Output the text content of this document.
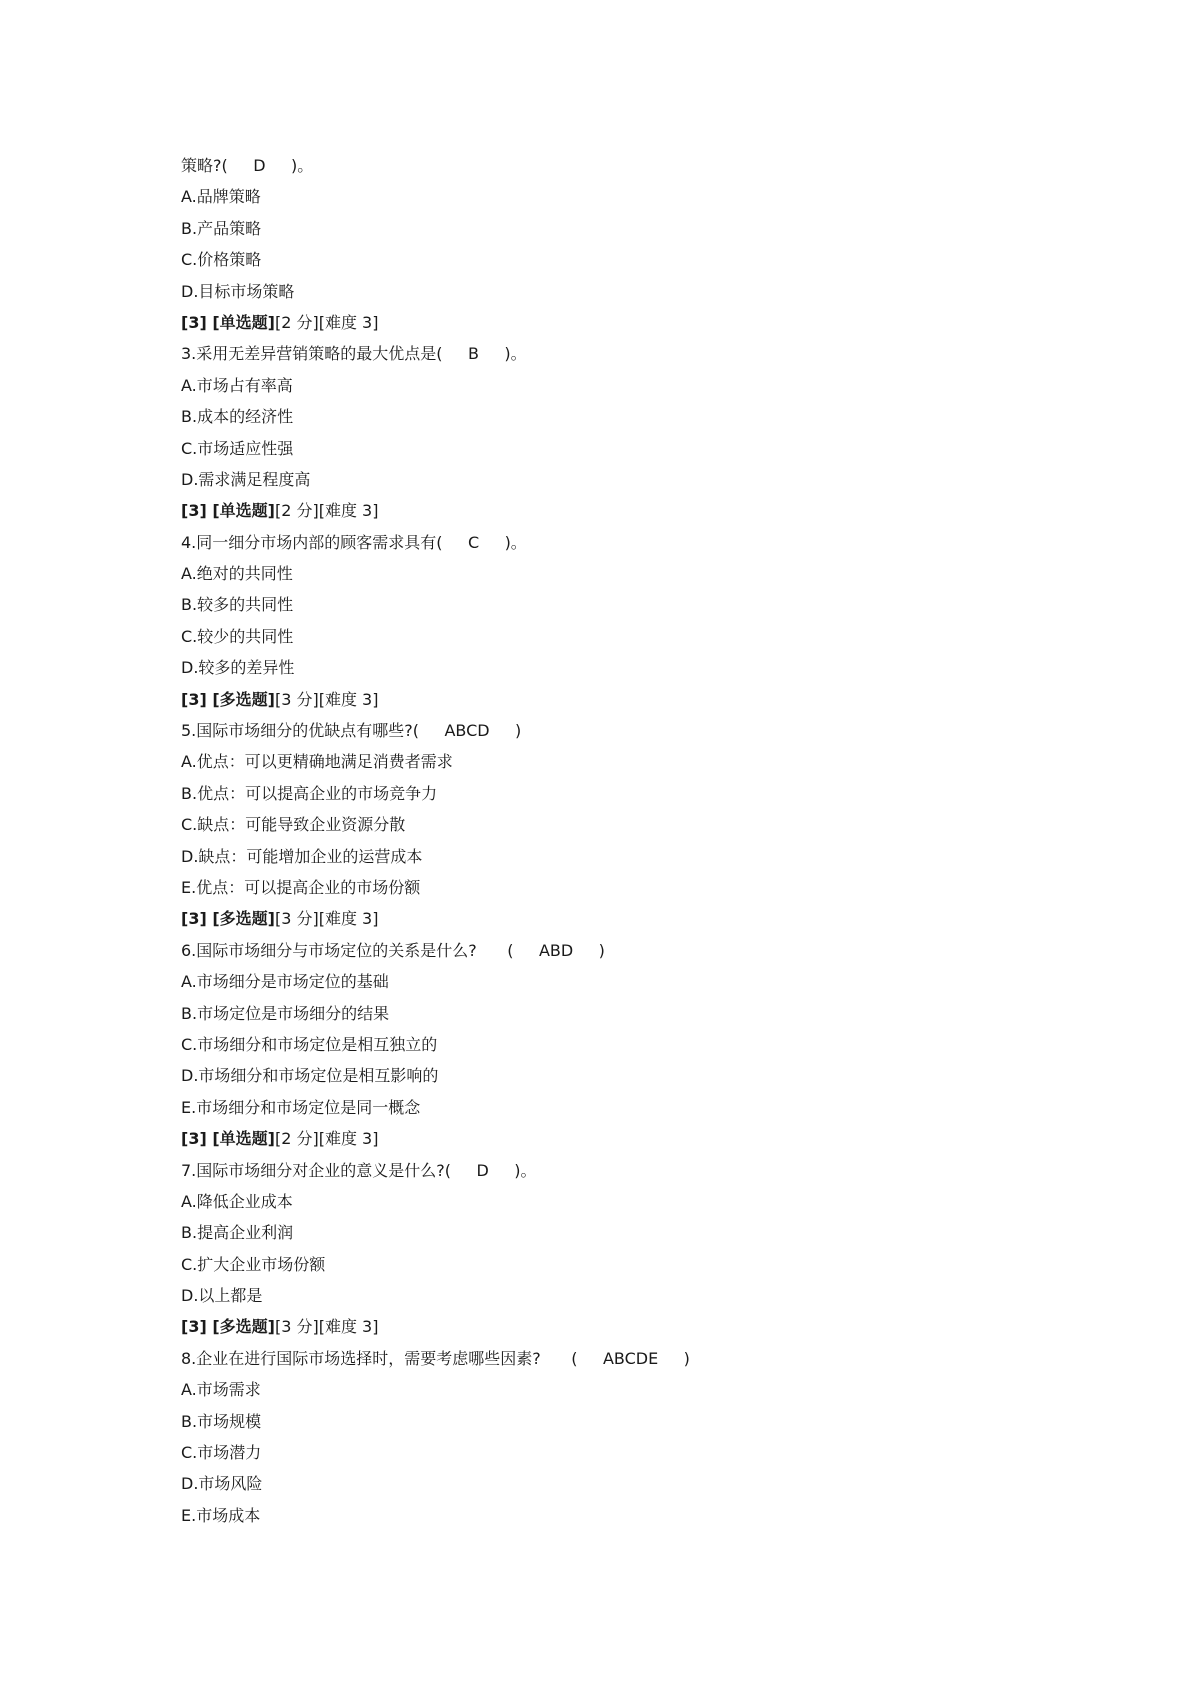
策略?( D )。
A.品牌策略
B.产品策略
C.价格策略
D.目标市场策略
[3] [单选题][2 分][难度 3]
3.采用无差异营销策略的最大优点是( B )。
A.市场占有率高
B.成本的经济性
C.市场适应性强
D.需求满足程度高
[3] [单选题][2 分][难度 3]
4.同一细分市场内部的顾客需求具有( C )。
A.绝对的共同性
B.较多的共同性
C.较少的共同性
D.较多的差异性
[3] [多选题][3 分][难度 3]
5.国际市场细分的优缺点有哪些?( ABCD )
A.优点：可以更精确地满足消费者需求
B.优点：可以提高企业的市场竞争力
C.缺点：可能导致企业资源分散
D.缺点：可能增加企业的运营成本
E.优点：可以提高企业的市场份额
[3] [多选题][3 分][难度 3]
6.国际市场细分与市场定位的关系是什么?      ( ABD )
A.市场细分是市场定位的基础
B.市场定位是市场细分的结果
C.市场细分和市场定位是相互独立的
D.市场细分和市场定位是相互影响的
E.市场细分和市场定位是同一概念
[3] [单选题][2 分][难度 3]
7.国际市场细分对企业的意义是什么?( D )。
A.降低企业成本
B.提高企业利润
C.扩大企业市场份额
D.以上都是
[3] [多选题][3 分][难度 3]
8.企业在进行国际市场选择时，需要考虑哪些因素?      ( ABCDE )
A.市场需求
B.市场规模
C.市场潜力
D.市场风险
E.市场成本
